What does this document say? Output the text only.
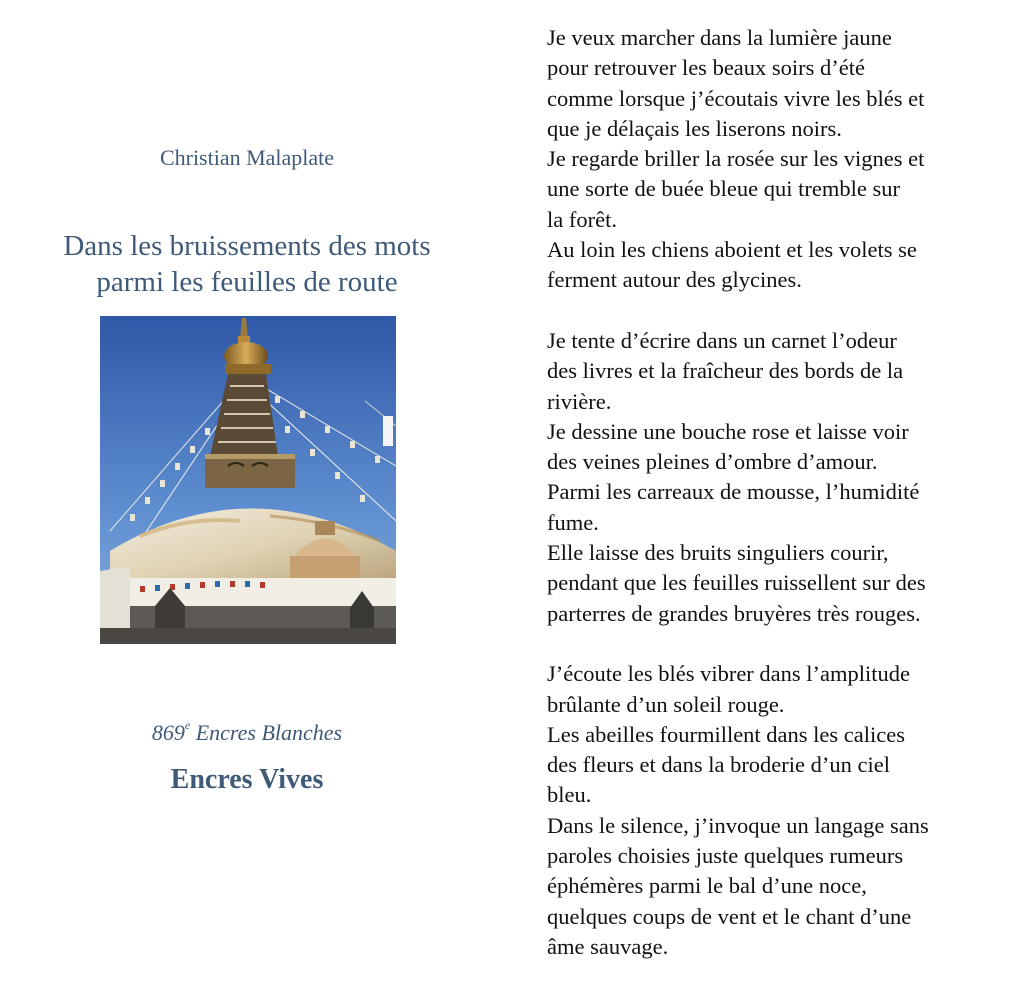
Christian Malaplate
Dans les bruissements des mots
parmi les feuilles de route
869e Encres Blanches
Encres Vives
Je veux marcher dans la lumière jaune
pour retrouver les beaux soirs d’été
comme lorsque j’écoutais vivre les blés et
que je délaçais les liserons noirs.
Je regarde briller la rosée sur les vignes et
une sorte de buée bleue qui tremble sur
la forêt.
Au loin les chiens aboient et les volets se
ferment autour des glycines.
Je tente d’écrire dans un carnet l’odeur
des livres et la fraîcheur des bords de la
rivière.
Je dessine une bouche rose et laisse voir
des veines pleines d’ombre d’amour.
Parmi les carreaux de mousse, l’humidité
fume.
Elle laisse des bruits singuliers courir,
pendant que les feuilles ruissellent sur des
parterres de grandes bruyères très rouges.
J’écoute les blés vibrer dans l’amplitude
brûlante d’un soleil rouge.
Les abeilles fourmillent dans les calices
des fleurs et dans la broderie d’un ciel
bleu.
Dans le silence, j’invoque un langage sans
paroles choisies juste quelques rumeurs
éphémères parmi le bal d’une noce,
quelques coups de vent et le chant d’une
âme sauvage.
